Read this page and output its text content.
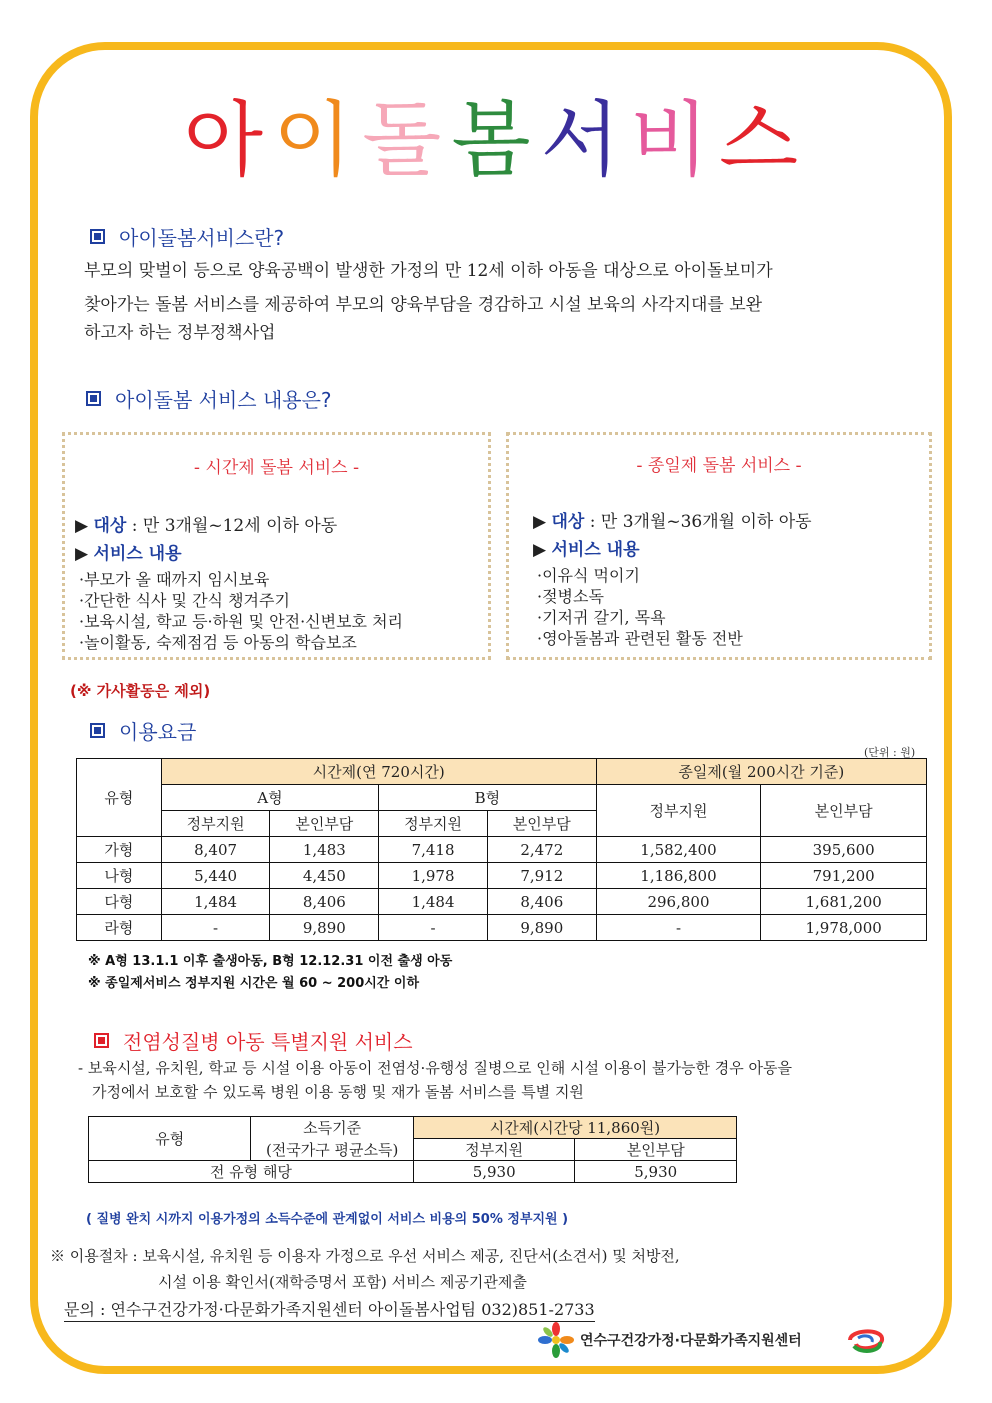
아이돌봄서비스
아이돌봄서비스란?

부모의 맞벌이 등으로 양육공백이 발생한 가정의 만 12세 이하 아동을 대상으로 아이돌보미가

찾아가는 돌봄 서비스를 제공하여 부모의 양육부담을 경감하고 시설 보육의 사각지대를 보완

하고자 하는 정부정책사업

아이돌봄 서비스 내용은?
- 시간제 돌봄 서비스 -
▶ 대상 : 만 3개월~12세 이하 아동
▶ 서비스 내용
·부모가 올 때까지 임시보육
·간단한 식사 및 간식 챙겨주기
·보육시설, 학교 등·하원 및 안전·신변보호 처리
·놀이활동, 숙제점검 등 아동의 학습보조
- 종일제 돌봄 서비스 -
▶ 대상 : 만 3개월~36개월 이하 아동
▶ 서비스 내용
·이유식 먹이기
·젖병소독
·기저귀 갈기, 목욕
·영아돌봄과 관련된 활동 전반
(※ 가사활동은 제외)
이용요금
(단위 : 원)
유형	시간제(연 720시간)				종일제(월 200시간 기준)	
	A형		B형		정부지원	본인부담
	정부지원	본인부담	정부지원	본인부담		
가형	8,407	1,483	7,418	2,472	1,582,400	395,600
나형	5,440	4,450	1,978	7,912	1,186,800	791,200
다형	1,484	8,406	1,484	8,406	296,800	1,681,200
라형	-	9,890	-	9,890	-	1,978,000
※ A형 13.1.1 이후 출생아동, B형 12.12.31 이전 출생 아동
※ 종일제서비스 정부지원 시간은 월 60 ~ 200시간 이하
전염성질병 아동 특별지원 서비스
- 보육시설, 유치원, 학교 등 시설 이용 아동이 전염성·유행성 질병으로 인해 시설 이용이 불가능한 경우 아동을
가정에서 보호할 수 있도록 병원 이용 동행 및 재가 돌봄 서비스를 특별 지원
유형	소득기준	시간제(시간당 11,860원)	
	(전국가구 평균소득)	정부지원	본인부담
전 유형 해당		5,930	5,930
( 질병 완치 시까지 이용가정의 소득수준에 관계없이 서비스 비용의 50% 정부지원 )
※ 이용절차 : 보육시설, 유치원 등 이용자 가정으로 우선 서비스 제공, 진단서(소견서) 및 처방전,
시설 이용 확인서(재학증명서 포함) 서비스 제공기관제출
문의 : 연수구건강가정·다문화가족지원센터 아이돌봄사업팀 032)851-2733
연수구건강가정·다문화가족지원센터
